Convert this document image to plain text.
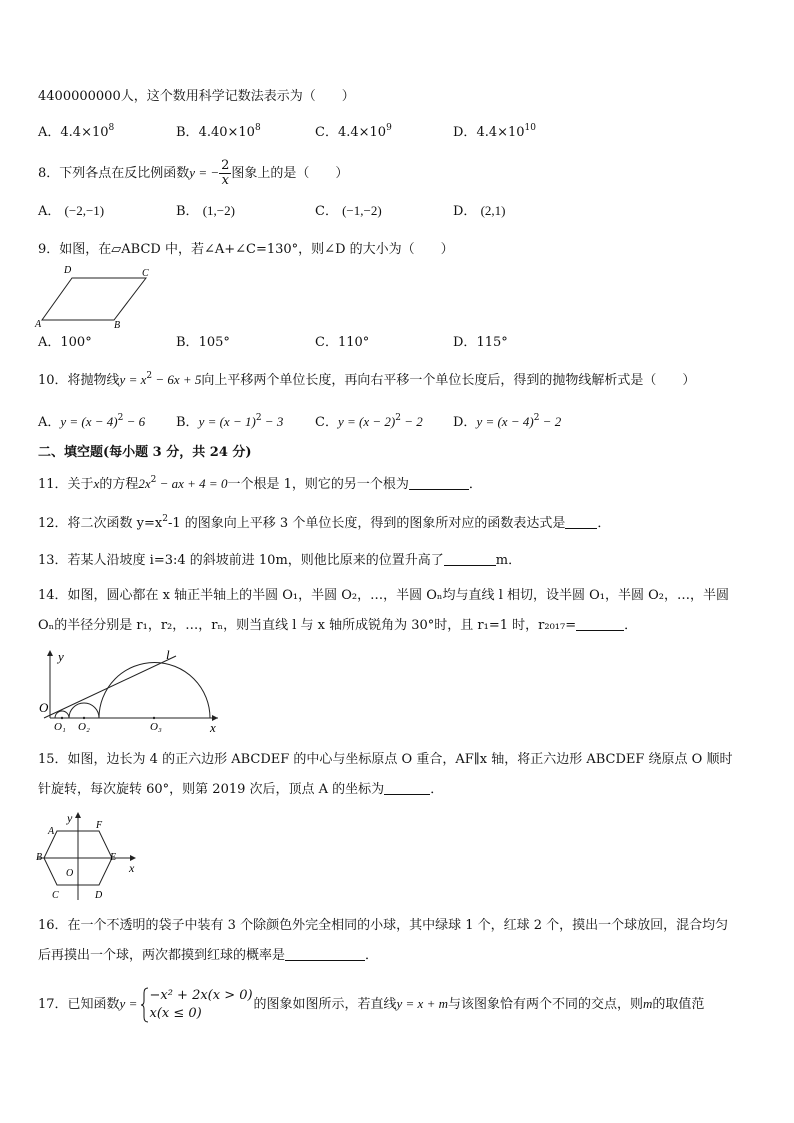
4400000000人，这个数用科学记数法表示为（　　）
A．$4.4\times 10^8$	B．$4.40\times 10^8$	C．$4.4\times 10^9$	D．$4.4\times 10^{10}$
8．下列各点在反比例函数y = − $\frac{2}{x}$ 图象上的是（　　）
A． (−2,−1)	B． (1,−2)	C． (−1,−2)	D． (2,1)
9．如图，在▱ABCD 中，若∠A+∠C=130°，则∠D 的大小为（　　）
A	B
C
D
A．100°	B．105°	C．110°	D．115°
10．将抛物线$y = x^2 - 6x + 5$向上平移两个单位长度，再向右平移一个单位长度后，得到的抛物线解析式是（　　）
A．$y = (x - 4)^2 - 6$ B．$y = (x - 1)^2 - 3$ C．$y = (x - 2)^2 - 2$ D．$y = (x - 4)^2 - 2$
二、填空题(每小题 3 分，共 24 分)
11．关于x的方程$2x^2$ − ax + 4 = 0一个根是 1，则它的另一个根为	．
12．将二次函数 $y=x^2-1$ 的图象向上平移 3 个单位长度，得到的图象所对应的函数表达式是 ．
13．若某人沿坡度 i=3:4 的斜坡前进 10m，则他比原来的位置升高了	m．
14．如图，圆心都在 x 轴正半轴上的半圆 O₁，半圆 O₂，…，半圆 Oₙ均与直线 l 相切，设半圆 O₁，半圆 O₂，…，半圆
Oₙ的半径分别是 r₁，r₂，…，rₙ，则当直线 l 与 x 轴所成锐角为 30°时，且 r₁=1 时，r₂₀₁₇=	．
y	l
O
O₁ O₂	O₃	x
15．如图，边长为 4 的正六边形 ABCDEF 的中心与坐标原点 O 重合，AF∥x 轴，将正六边形 ABCDEF 绕原点 O 顺时
针旋转，每次旋转 60°，则第 2019 次后，顶点 A 的坐标为	．
y
A
F
B	E
x
O
C	D
16．在一个不透明的袋子中装有 3 个除颜色外完全相同的小球，其中绿球 1 个，红球 2 个，摸出一个球放回，混合均匀
后再摸出一个球，两次都摸到红球的概率是	．
17．已知函数y =
−x² + 2x(x > 0)
x(x ≤ 0)
的图象如图所示，若直线y = x + m与该图象恰有两个不同的交点，则m的取值范
